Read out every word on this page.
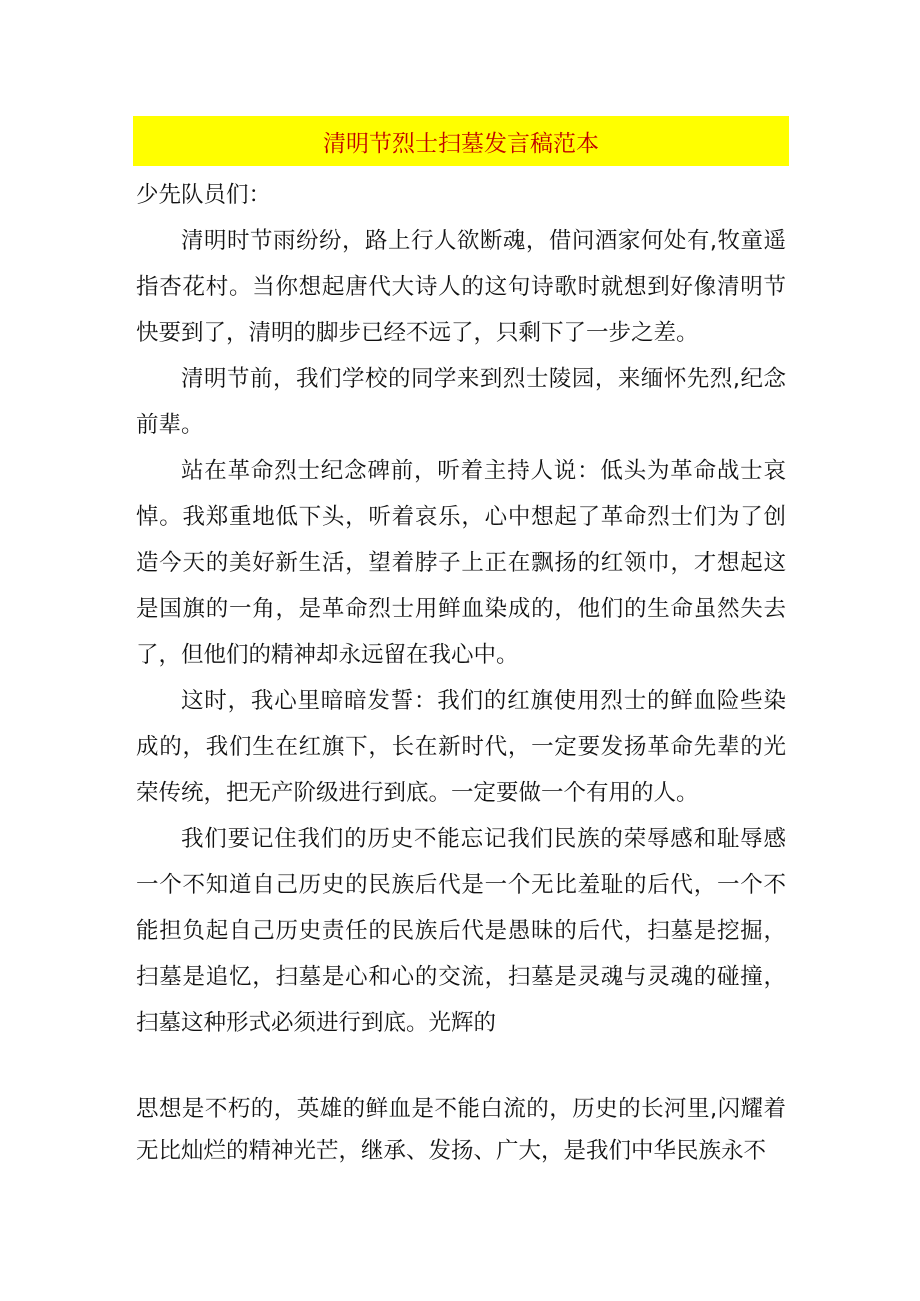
清明节烈士扫墓发言稿范本

少先队员们：

清明时节雨纷纷，路上行人欲断魂，借问酒家何处有,牧童遥指杏花村。当你想起唐代大诗人的这句诗歌时就想到好像清明节快要到了，清明的脚步已经不远了，只剩下了一步之差。

清明节前，我们学校的同学来到烈士陵园，来缅怀先烈,纪念前辈。

站在革命烈士纪念碑前，听着主持人说：低头为革命战士哀悼。我郑重地低下头，听着哀乐，心中想起了革命烈士们为了创造今天的美好新生活，望着脖子上正在飘扬的红领巾，才想起这是国旗的一角，是革命烈士用鲜血染成的，他们的生命虽然失去了，但他们的精神却永远留在我心中。

这时，我心里暗暗发誓：我们的红旗使用烈士的鲜血险些染成的，我们生在红旗下，长在新时代，一定要发扬革命先辈的光荣传统，把无产阶级进行到底。一定要做一个有用的人。

我们要记住我们的历史不能忘记我们民族的荣辱感和耻辱感一个不知道自己历史的民族后代是一个无比羞耻的后代，一个不能担负起自己历史责任的民族后代是愚昧的后代，扫墓是挖掘，扫墓是追忆，扫墓是心和心的交流，扫墓是灵魂与灵魂的碰撞，扫墓这种形式必须进行到底。光辉的

思想是不朽的，英雄的鲜血是不能白流的，历史的长河里,闪耀着无比灿烂的精神光芒，继承、发扬、广大，是我们中华民族永不
